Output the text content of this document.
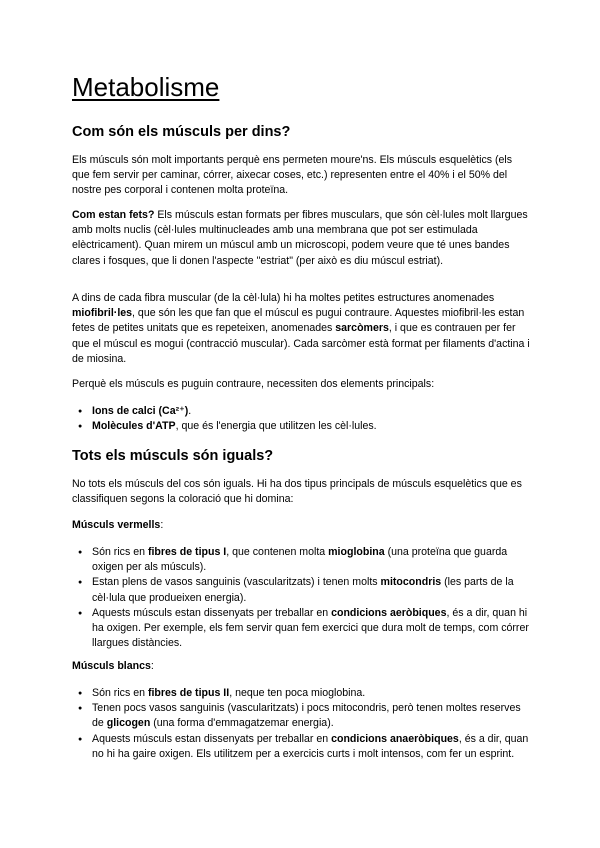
Metabolisme
Com són els músculs per dins?

Els músculs són molt importants perquè ens permeten moure'ns. Els músculs esquelètics (els que fem servir per caminar, córrer, aixecar coses, etc.) representen entre el 40% i el 50% del nostre pes corporal i contenen molta proteïna.

Com estan fets? Els músculs estan formats per fibres musculars, que són cèl·lules molt llargues amb molts nuclis (cèl·lules multinucleades amb una membrana que pot ser estimulada elèctricament). Quan mirem un múscul amb un microscopi, podem veure que té unes bandes clares i fosques, que li donen l'aspecte "estriat" (per això es diu múscul estriat).

A dins de cada fibra muscular (de la cèl·lula) hi ha moltes petites estructures anomenades miofibril·les, que són les que fan que el múscul es pugui contraure. Aquestes miofibril·les estan fetes de petites unitats que es repeteixen, anomenades sarcòmers, i que es contrauen per fer que el múscul es mogui (contracció muscular). Cada sarcòmer està format per filaments d'actina i de miosina.

Perquè els músculs es puguin contraure, necessiten dos elements principals:

● Ions de calci (Ca²⁺).
● Molècules d'ATP, que és l'energia que utilitzen les cèl·lules.
Tots els músculs són iguals?

No tots els músculs del cos són iguals. Hi ha dos tipus principals de músculs esquelètics que es classifiquen segons la coloració que hi domina:

Músculs vermells:

● Són rics en fibres de tipus I, que contenen molta mioglobina (una proteïna que guarda oxigen per als músculs).
● Estan plens de vasos sanguinis (vascularitzats) i tenen molts mitocondris (les parts de la cèl·lula que produeixen energia).
● Aquests músculs estan dissenyats per treballar en condicions aeròbiques, és a dir, quan hi ha oxigen. Per exemple, els fem servir quan fem exercici que dura molt de temps, com córrer llargues distàncies.

Músculs blancs:

● Són rics en fibres de tipus II, neque ten poca mioglobina.
● Tenen pocs vasos sanguinis (vascularitzats) i pocs mitocondris, però tenen moltes reserves de glicogen (una forma d'emmagatzemar energia).
● Aquests músculs estan dissenyats per treballar en condicions anaeròbiques, és a dir, quan no hi ha gaire oxigen. Els utilitzem per a exercicis curts i molt intensos, com fer un esprint.
